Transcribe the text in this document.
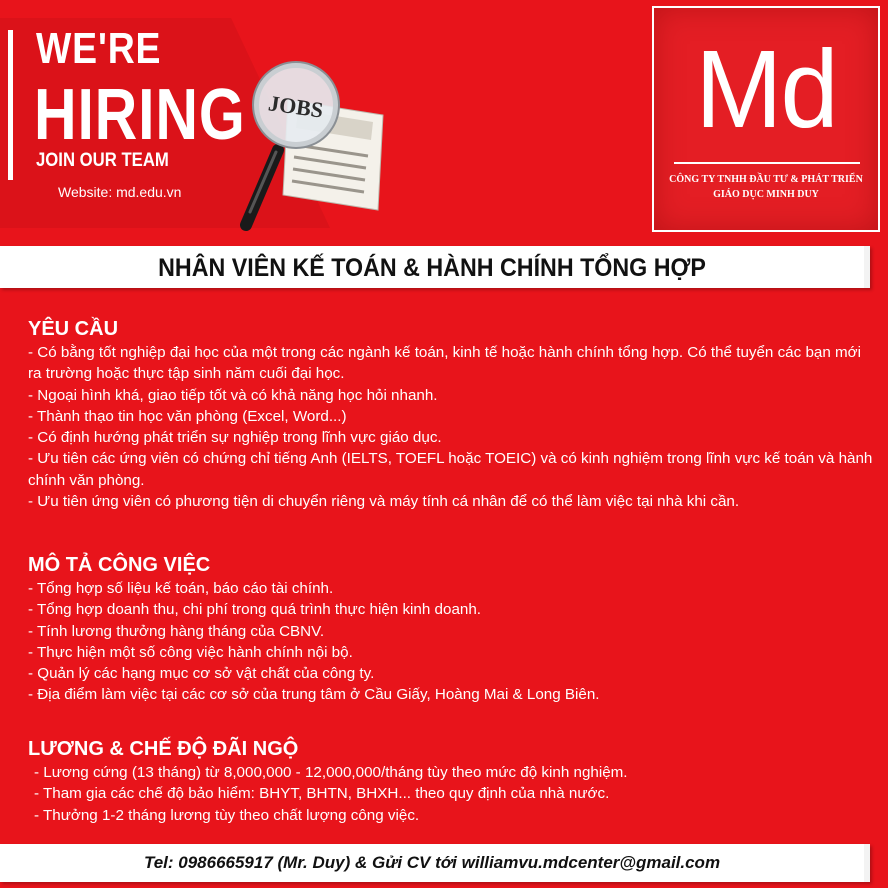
WE'RE
HIRING
JOIN OUR TEAM
Website: md.edu.vn
JOBS	Md
CÔNG TY TNHH ĐẦU TƯ & PHÁT TRIỂN
GIÁO DỤC MINH DUY
NHÂN VIÊN KẾ TOÁN & HÀNH CHÍNH TỔNG HỢP
YÊU CẦU
- Có bằng tốt nghiệp đại học của một trong các ngành kế toán, kinh tế hoặc hành chính tổng hợp. Có thể tuyển các bạn mới ra trường hoặc thực tập sinh năm cuối đại học.
- Ngoại hình khá, giao tiếp tốt và có khả năng học hỏi nhanh.
- Thành thạo tin học văn phòng (Excel, Word...)
- Có định hướng phát triển sự nghiệp trong lĩnh vực giáo dục.
- Ưu tiên các ứng viên có chứng chỉ tiếng Anh (IELTS, TOEFL hoặc TOEIC) và có kinh nghiệm trong lĩnh vực kế toán và hành chính văn phòng.
- Ưu tiên ứng viên có phương tiện di chuyển riêng và máy tính cá nhân để có thể làm việc tại nhà khi cần.
MÔ TẢ CÔNG VIỆC
- Tổng hợp số liệu kế toán, báo cáo tài chính.
- Tổng hợp doanh thu, chi phí trong quá trình thực hiện kinh doanh.
- Tính lương thưởng hàng tháng của CBNV.
- Thực hiện một số công việc hành chính nội bộ.
- Quản lý các hạng mục cơ sở vật chất của công ty.
- Địa điểm làm việc tại các cơ sở của trung tâm ở Cầu Giấy, Hoàng Mai & Long Biên.
LƯƠNG & CHẾ ĐỘ ĐÃI NGỘ
- Lương cứng (13 tháng) từ 8,000,000 - 12,000,000/tháng tùy theo mức độ kinh nghiệm.
- Tham gia các chế độ bảo hiểm: BHYT, BHTN, BHXH... theo quy định của nhà nước.
- Thưởng 1-2 tháng lương tùy theo chất lượng công việc.
Tel: 0986665917 (Mr. Duy) & Gửi CV tới williamvu.mdcenter@gmail.com
